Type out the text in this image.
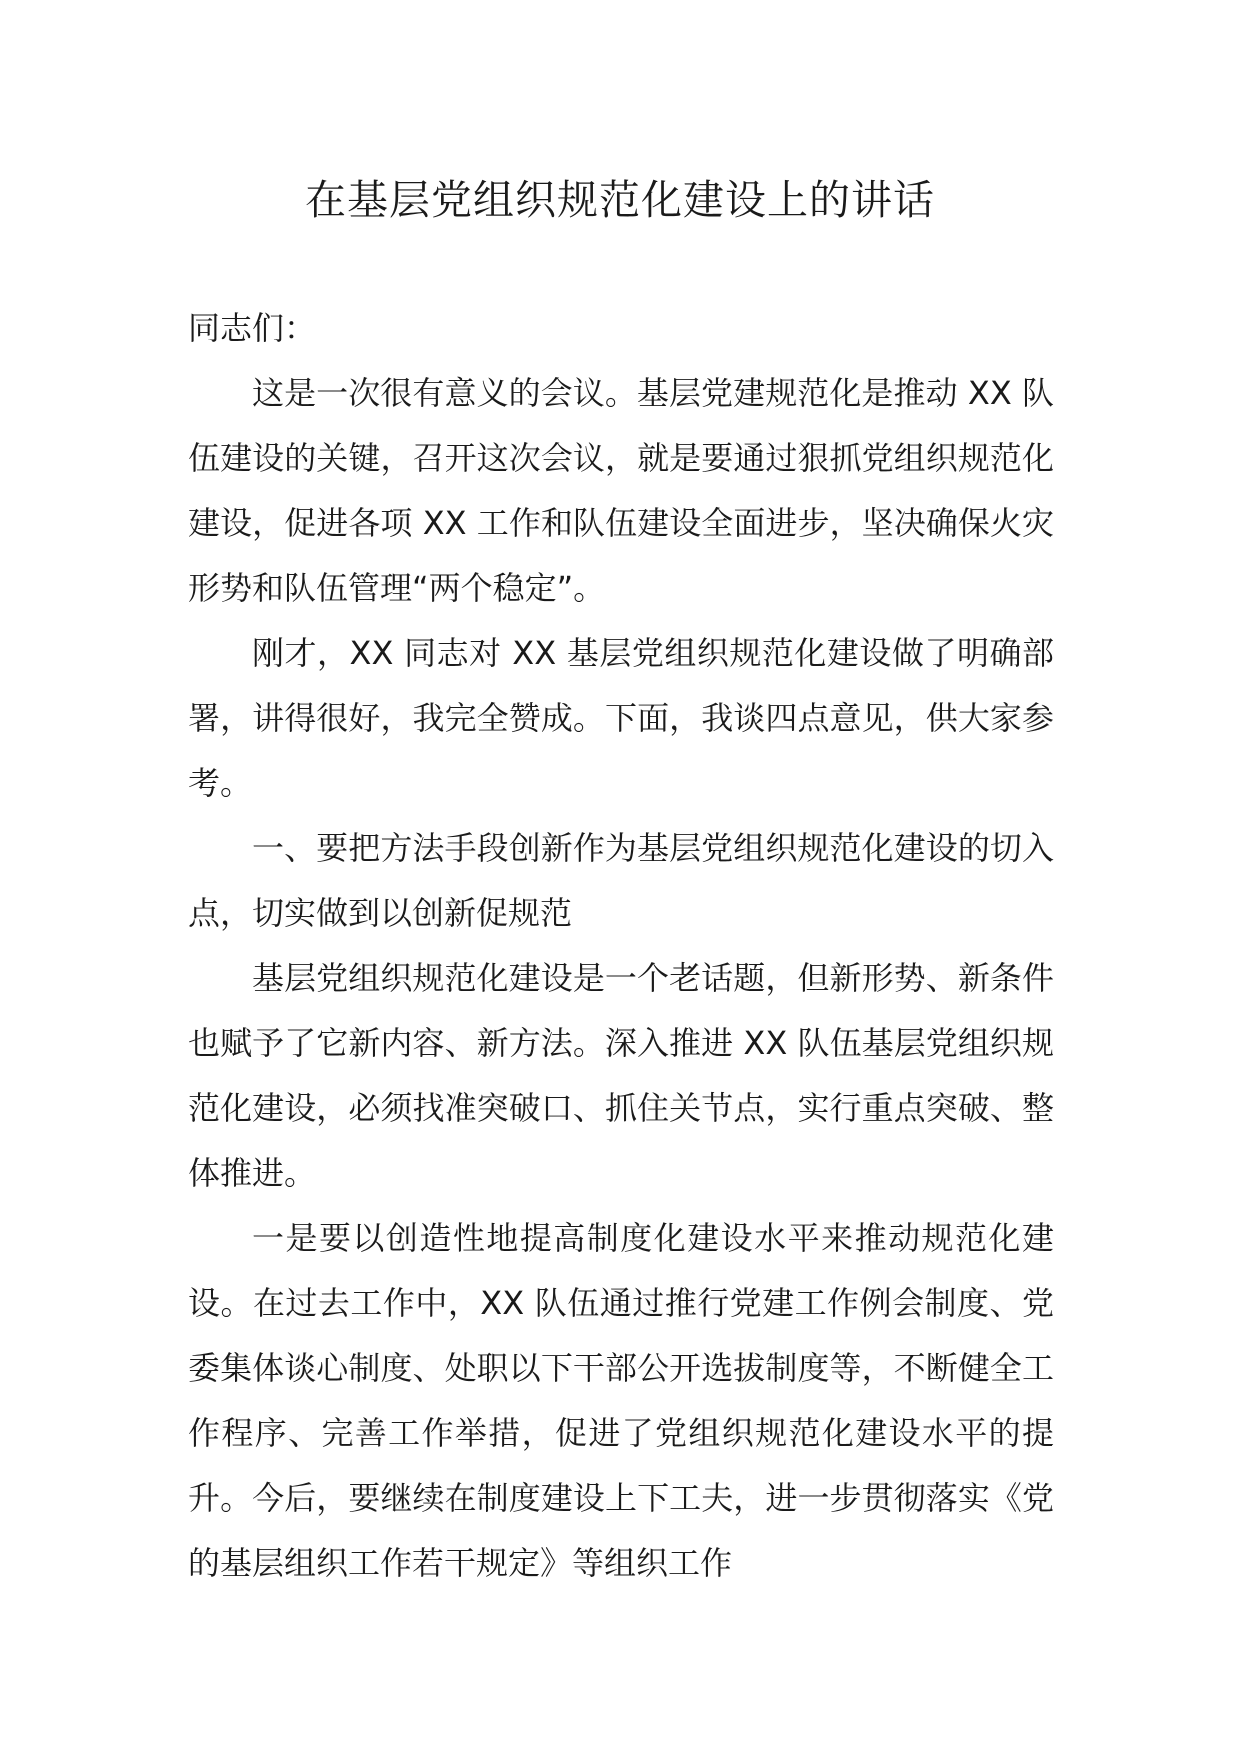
在基层党组织规范化建设上的讲话

同志们：

这是一次很有意义的会议。基层党建规范化是推动 XX 队伍建设的关键，召开这次会议，就是要通过狠抓党组织规范化建设，促进各项 XX 工作和队伍建设全面进步，坚决确保火灾形势和队伍管理“两个稳定”。

刚才，XX 同志对 XX 基层党组织规范化建设做了明确部署，讲得很好，我完全赞成。下面，我谈四点意见，供大家参考。

一、要把方法手段创新作为基层党组织规范化建设的切入点，切实做到以创新促规范

基层党组织规范化建设是一个老话题，但新形势、新条件也赋予了它新内容、新方法。深入推进 XX 队伍基层党组织规范化建设，必须找准突破口、抓住关节点，实行重点突破、整体推进。

一是要以创造性地提高制度化建设水平来推动规范化建设。在过去工作中，XX 队伍通过推行党建工作例会制度、党委集体谈心制度、处职以下干部公开选拔制度等，不断健全工作程序、完善工作举措，促进了党组织规范化建设水平的提升。今后，要继续在制度建设上下工夫，进一步贯彻落实《党的基层组织工作若干规定》等组织工作
